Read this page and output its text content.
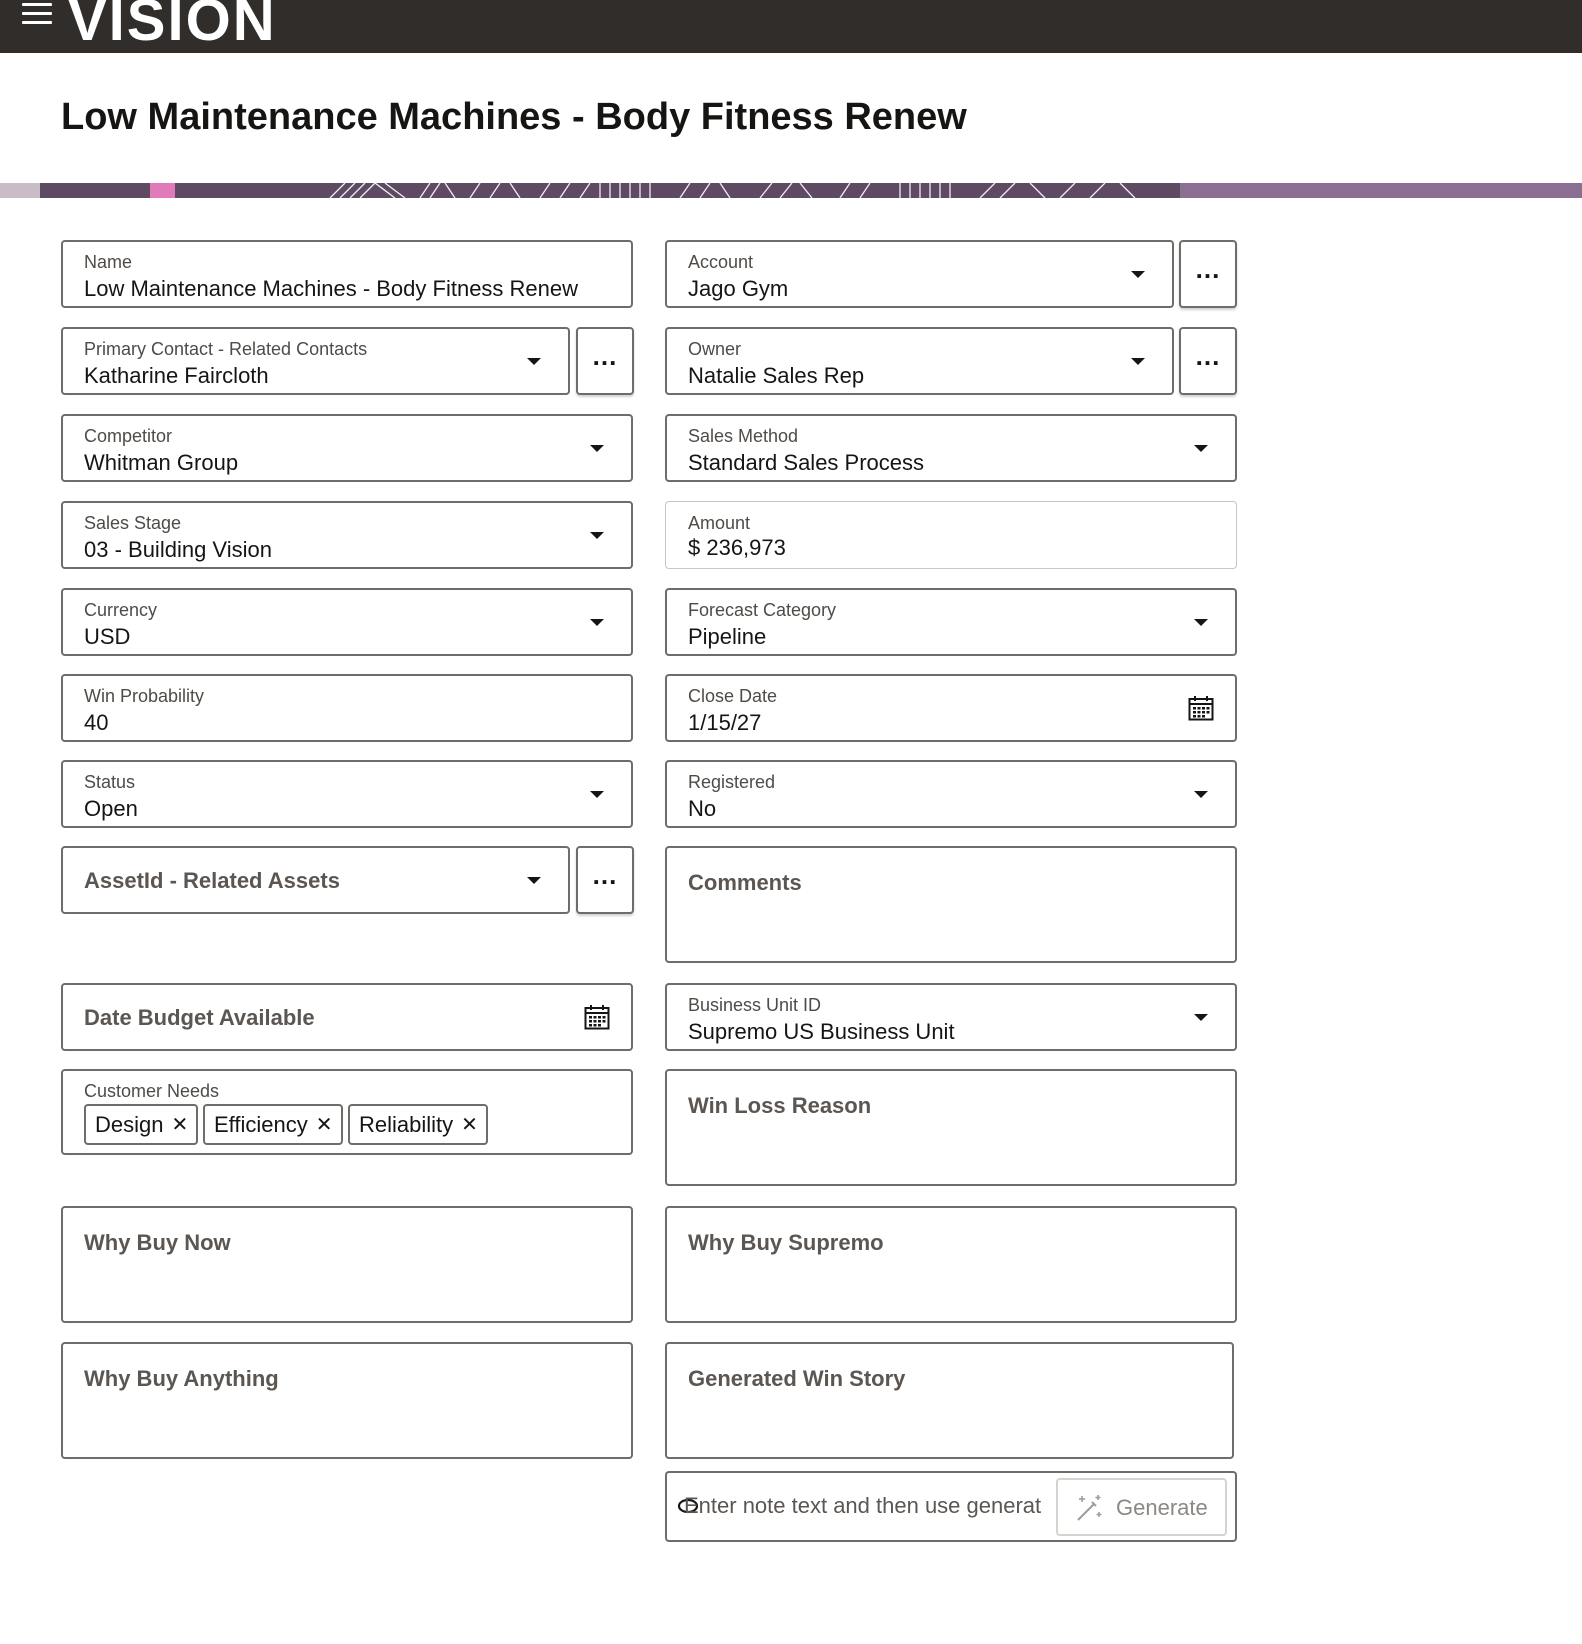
VISION
Low Maintenance Machines - Body Fitness Renew
Name
Low Maintenance Machines - Body Fitness Renew
Account
Jago Gym
...
Primary Contact - Related Contacts
Katharine Faircloth
...	Owner
Natalie Sales Rep
...
Competitor
Whitman Group
Sales Method
Standard Sales Process
Sales Stage
03 - Building Vision
Amount
$ 236,973
Currency
USD
Forecast Category
Pipeline
Win Probability
40
Close Date
1/15/27
Status
Open
Registered
No
AssetId - Related Assets	...	Comments
Date Budget Available	Business Unit ID
Supremo US Business Unit
Customer Needs
Design ✕ Efficiency ✕ Reliability ✕
Win Loss Reason
Why Buy Now	Why Buy Supremo
Why Buy Anything	Generated Win Story
Enter note text and then use generat	Generate
